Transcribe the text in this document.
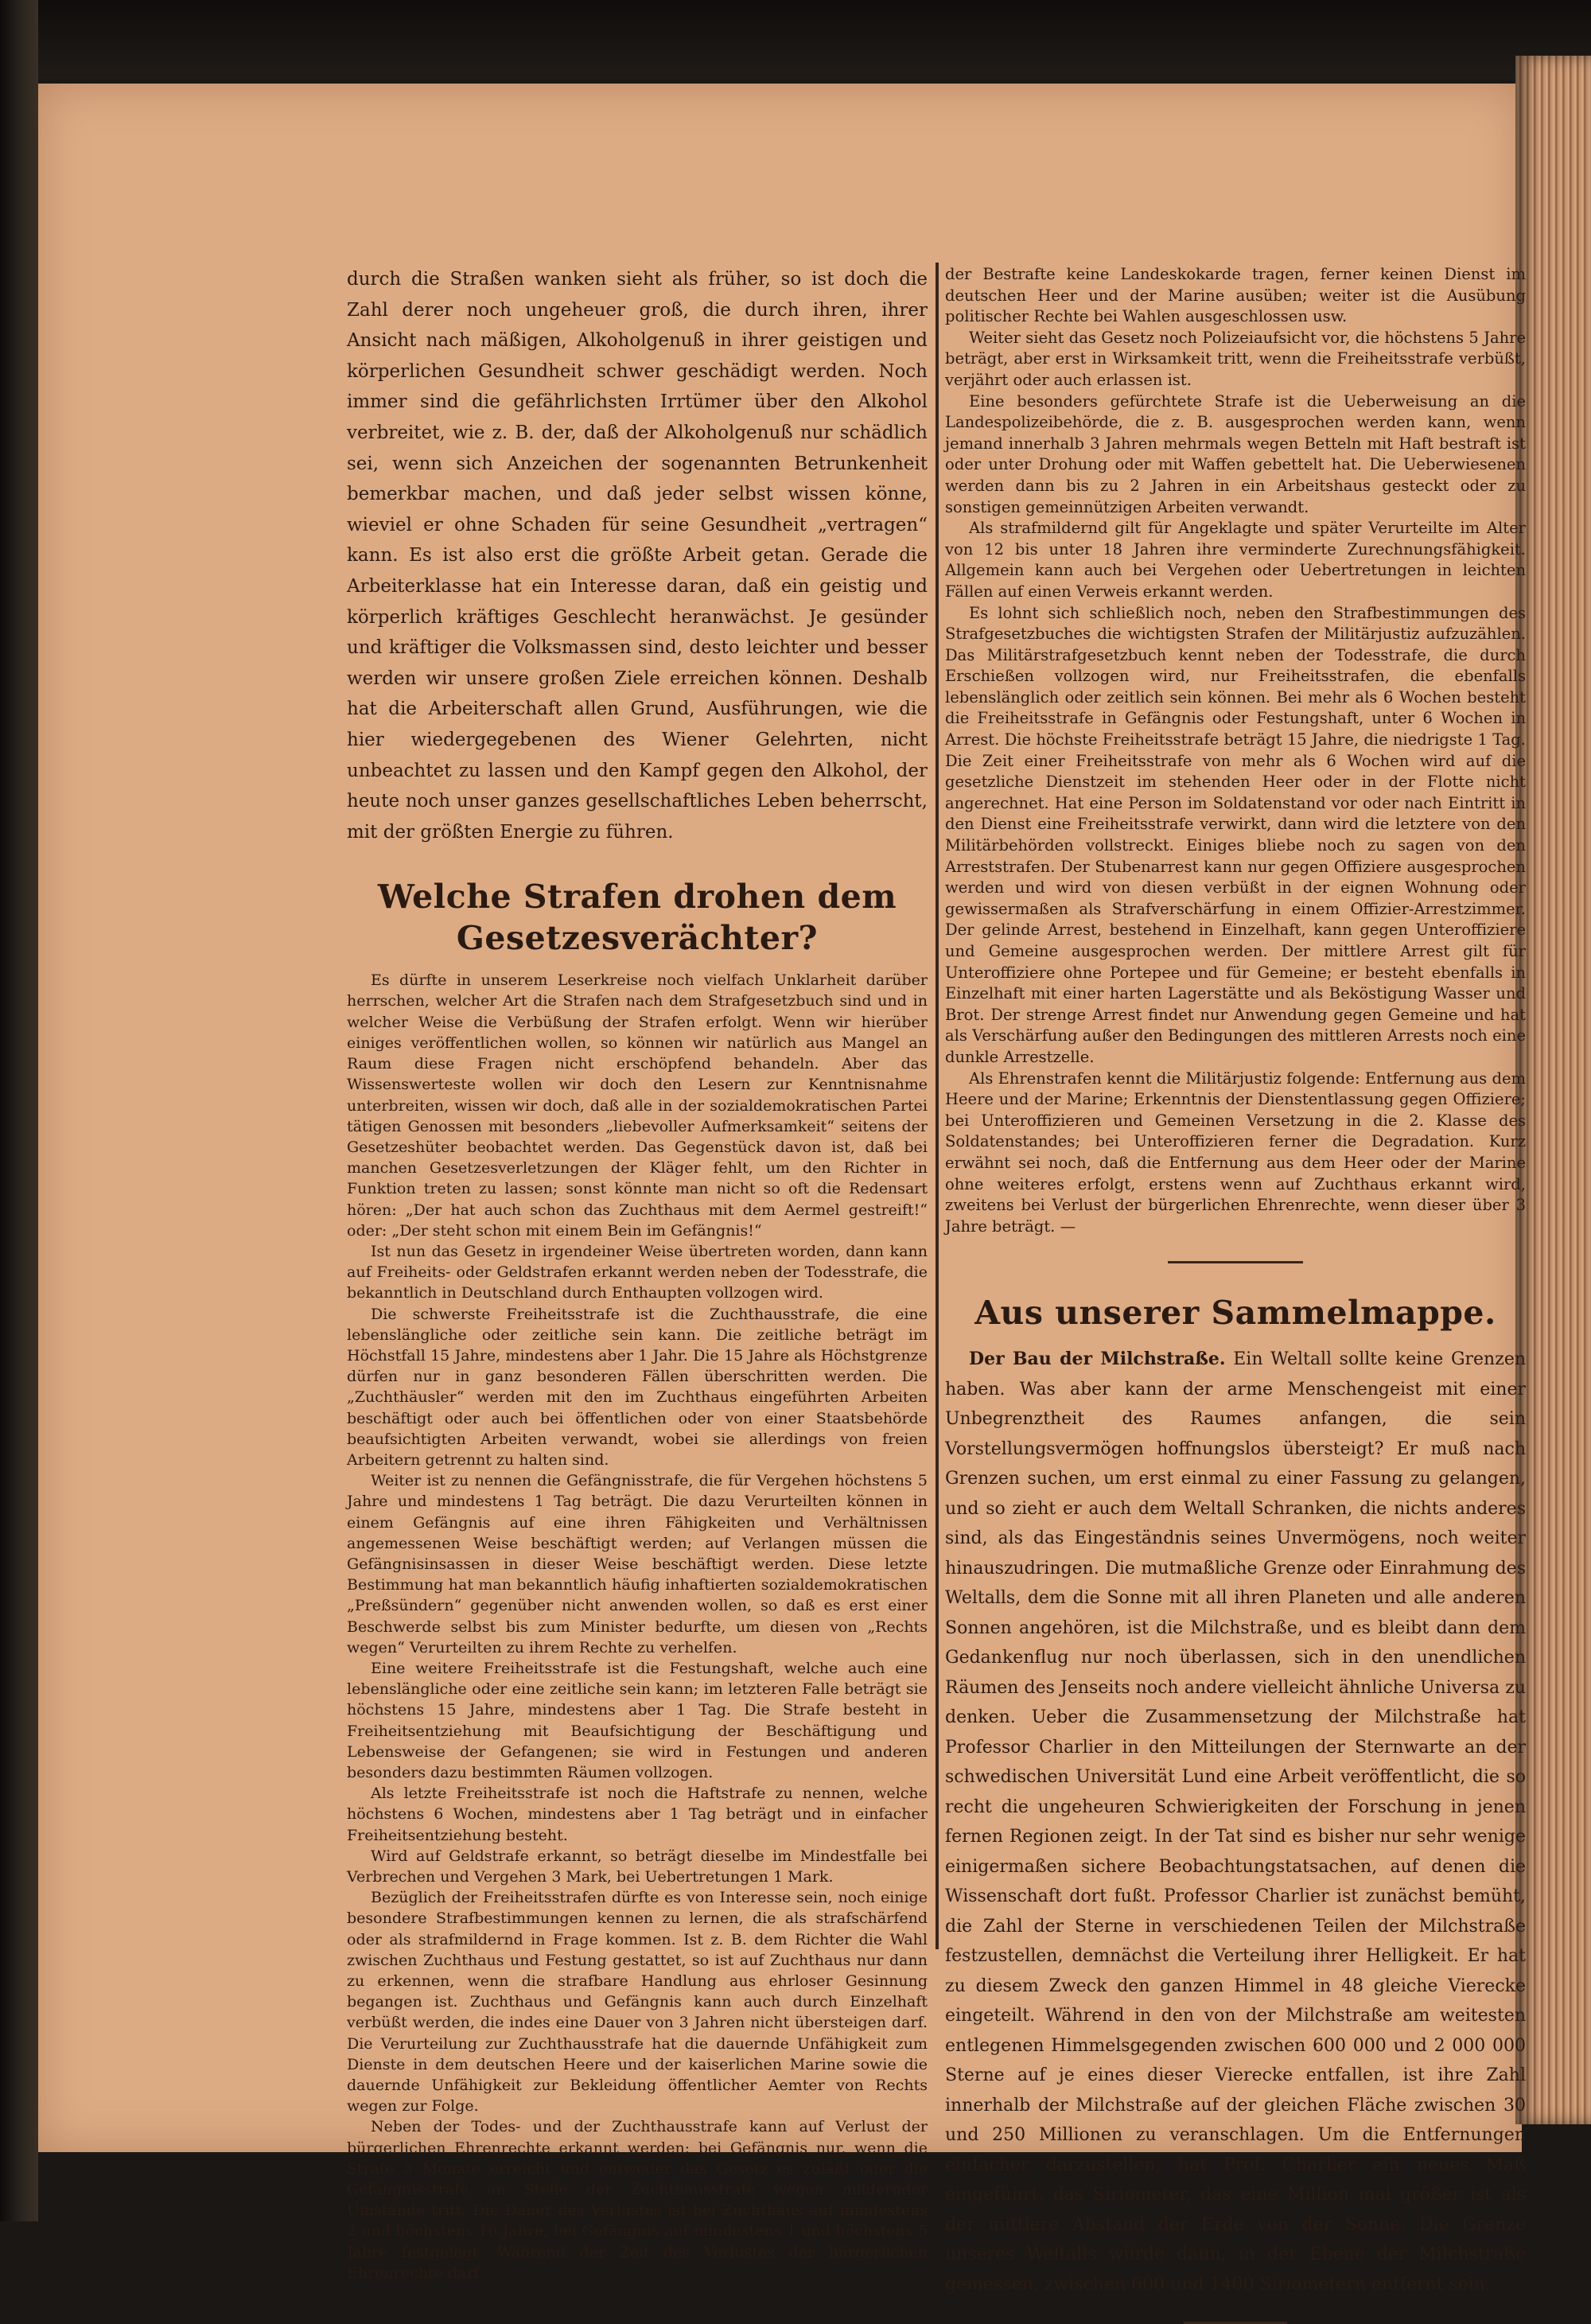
durch die Straßen wanken sieht als früher, so ist doch die Zahl derer noch ungeheuer groß, die durch ihren, ihrer Ansicht nach mäßigen, Alkoholgenuß in ihrer geistigen und körperlichen Gesundheit schwer geschädigt werden. Noch immer sind die gefährlichsten Irrtümer über den Alkohol verbreitet, wie z. B. der, daß der Alkoholgenuß nur schädlich sei, wenn sich Anzeichen der sogenannten Betrunkenheit bemerkbar machen, und daß jeder selbst wissen könne, wieviel er ohne Schaden für seine Gesundheit „vertragen“ kann. Es ist also erst die größte Arbeit getan. Gerade die Arbeiterklasse hat ein Interesse daran, daß ein geistig und körperlich kräftiges Geschlecht heranwächst. Je gesünder und kräftiger die Volksmassen sind, desto leichter und besser werden wir unsere großen Ziele erreichen können. Deshalb hat die Arbeiterschaft allen Grund, Ausführungen, wie die hier wiedergegebenen des Wiener Gelehrten, nicht unbeachtet zu lassen und den Kampf gegen den Alkohol, der heute noch unser ganzes gesellschaftliches Leben beherrscht, mit der größten Energie zu führen.

Welche Strafen drohen dem Gesetzesverächter?

Es dürfte in unserem Leserkreise noch vielfach Unklarheit darüber herrschen, welcher Art die Strafen nach dem Strafgesetzbuch sind und in welcher Weise die Verbüßung der Strafen erfolgt. Wenn wir hierüber einiges veröffentlichen wollen, so können wir natürlich aus Mangel an Raum diese Fragen nicht erschöpfend behandeln. Aber das Wissenswerteste wollen wir doch den Lesern zur Kenntnisnahme unterbreiten, wissen wir doch, daß alle in der sozialdemokratischen Partei tätigen Genossen mit besonders „liebevoller Aufmerksamkeit“ seitens der Gesetzeshüter beobachtet werden. Das Gegenstück davon ist, daß bei manchen Gesetzesverletzungen der Kläger fehlt, um den Richter in Funktion treten zu lassen; sonst könnte man nicht so oft die Redensart hören: „Der hat auch schon das Zuchthaus mit dem Aermel gestreift!“ oder: „Der steht schon mit einem Bein im Gefängnis!“

Ist nun das Gesetz in irgendeiner Weise übertreten worden, dann kann auf Freiheits- oder Geldstrafen erkannt werden neben der Todesstrafe, die bekanntlich in Deutschland durch Enthaupten vollzogen wird.

Die schwerste Freiheitsstrafe ist die Zuchthausstrafe, die eine lebenslängliche oder zeitliche sein kann. Die zeitliche beträgt im Höchstfall 15 Jahre, mindestens aber 1 Jahr. Die 15 Jahre als Höchstgrenze dürfen nur in ganz besonderen Fällen überschritten werden. Die „Zuchthäusler“ werden mit den im Zuchthaus eingeführten Arbeiten beschäftigt oder auch bei öffentlichen oder von einer Staatsbehörde beaufsichtigten Arbeiten verwandt, wobei sie allerdings von freien Arbeitern getrennt zu halten sind.

Weiter ist zu nennen die Gefängnisstrafe, die für Vergehen höchstens 5 Jahre und mindestens 1 Tag beträgt. Die dazu Verurteilten können in einem Gefängnis auf eine ihren Fähigkeiten und Verhältnissen angemessenen Weise beschäftigt werden; auf Verlangen müssen die Gefängnisinsassen in dieser Weise beschäftigt werden. Diese letzte Bestimmung hat man bekanntlich häufig inhaftierten sozialdemokratischen „Preßsündern“ gegenüber nicht anwenden wollen, so daß es erst einer Beschwerde selbst bis zum Minister bedurfte, um diesen von „Rechts wegen“ Verurteilten zu ihrem Rechte zu verhelfen.

Eine weitere Freiheitsstrafe ist die Festungshaft, welche auch eine lebenslängliche oder eine zeitliche sein kann; im letzteren Falle beträgt sie höchstens 15 Jahre, mindestens aber 1 Tag. Die Strafe besteht in Freiheitsentziehung mit Beaufsichtigung der Beschäftigung und Lebensweise der Gefangenen; sie wird in Festungen und anderen besonders dazu bestimmten Räumen vollzogen.

Als letzte Freiheitsstrafe ist noch die Haftstrafe zu nennen, welche höchstens 6 Wochen, mindestens aber 1 Tag beträgt und in einfacher Freiheitsentziehung besteht.

Wird auf Geldstrafe erkannt, so beträgt dieselbe im Mindestfalle bei Verbrechen und Vergehen 3 Mark, bei Uebertretungen 1 Mark.

Bezüglich der Freiheitsstrafen dürfte es von Interesse sein, noch einige besondere Strafbestimmungen kennen zu lernen, die als strafschärfend oder als strafmildernd in Frage kommen. Ist z. B. dem Richter die Wahl zwischen Zuchthaus und Festung gestattet, so ist auf Zuchthaus nur dann zu erkennen, wenn die strafbare Handlung aus ehrloser Gesinnung begangen ist. Zuchthaus und Gefängnis kann auch durch Einzelhaft verbüßt werden, die indes eine Dauer von 3 Jahren nicht übersteigen darf. Die Verurteilung zur Zuchthausstrafe hat die dauernde Unfähigkeit zum Dienste in dem deutschen Heere und der kaiserlichen Marine sowie die dauernde Unfähigkeit zur Bekleidung öffentlicher Aemter von Rechts wegen zur Folge.

Neben der Todes- und der Zuchthausstrafe kann auf Verlust der bürgerlichen Ehrenrechte erkannt werden; bei Gefängnis nur, wenn die Strafe 3 Monate erreicht und entweder das Gesetz es zuläßt oder die Gefängnisstrafe an Stelle der Zuchthausstrafe wegen mildernder Umstände tritt. Die Dauer des Verlustes ist bei Zuchthaus auf mindestens 2 und höchstens 10 Jahre, bei Gefängnis auf mindestens 1 und höchstens 5 Jahre festgelegt. Während der Zeit des Verlustes der bürgerlichen Ehrenrechte darf

der Bestrafte keine Landeskokarde tragen, ferner keinen Dienst im deutschen Heer und der Marine ausüben; weiter ist die Ausübung politischer Rechte bei Wahlen ausgeschlossen usw.

Weiter sieht das Gesetz noch Polizeiaufsicht vor, die höchstens 5 Jahre beträgt, aber erst in Wirksamkeit tritt, wenn die Freiheitsstrafe verbüßt, verjährt oder auch erlassen ist.

Eine besonders gefürchtete Strafe ist die Ueberweisung an die Landespolizeibehörde, die z. B. ausgesprochen werden kann, wenn jemand innerhalb 3 Jahren mehrmals wegen Betteln mit Haft bestraft ist oder unter Drohung oder mit Waffen gebettelt hat. Die Ueberwiesenen werden dann bis zu 2 Jahren in ein Arbeitshaus gesteckt oder zu sonstigen gemeinnützigen Arbeiten verwandt.

Als strafmildernd gilt für Angeklagte und später Verurteilte im Alter von 12 bis unter 18 Jahren ihre verminderte Zurechnungsfähigkeit. Allgemein kann auch bei Vergehen oder Uebertretungen in leichten Fällen auf einen Verweis erkannt werden.

Es lohnt sich schließlich noch, neben den Strafbestimmungen des Strafgesetzbuches die wichtigsten Strafen der Militärjustiz aufzuzählen. Das Militärstrafgesetzbuch kennt neben der Todesstrafe, die durch Erschießen vollzogen wird, nur Freiheitsstrafen, die ebenfalls lebenslänglich oder zeitlich sein können. Bei mehr als 6 Wochen besteht die Freiheitsstrafe in Gefängnis oder Festungshaft, unter 6 Wochen in Arrest. Die höchste Freiheitsstrafe beträgt 15 Jahre, die niedrigste 1 Tag. Die Zeit einer Freiheitsstrafe von mehr als 6 Wochen wird auf die gesetzliche Dienstzeit im stehenden Heer oder in der Flotte nicht angerechnet. Hat eine Person im Soldatenstand vor oder nach Eintritt in den Dienst eine Freiheitsstrafe verwirkt, dann wird die letztere von den Militärbehörden vollstreckt. Einiges bliebe noch zu sagen von den Arreststrafen. Der Stubenarrest kann nur gegen Offiziere ausgesprochen werden und wird von diesen verbüßt in der eignen Wohnung oder gewissermaßen als Strafverschärfung in einem Offizier-Arrestzimmer. Der gelinde Arrest, bestehend in Einzelhaft, kann gegen Unteroffiziere und Gemeine ausgesprochen werden. Der mittlere Arrest gilt für Unteroffiziere ohne Portepee und für Gemeine; er besteht ebenfalls in Einzelhaft mit einer harten Lagerstätte und als Beköstigung Wasser und Brot. Der strenge Arrest findet nur Anwendung gegen Gemeine und hat als Verschärfung außer den Bedingungen des mittleren Arrests noch eine dunkle Arrestzelle.

Als Ehrenstrafen kennt die Militärjustiz folgende: Entfernung aus dem Heere und der Marine; Erkenntnis der Dienstentlassung gegen Offiziere; bei Unteroffizieren und Gemeinen Versetzung in die 2. Klasse des Soldatenstandes; bei Unteroffizieren ferner die Degradation. Kurz erwähnt sei noch, daß die Entfernung aus dem Heer oder der Marine ohne weiteres erfolgt, erstens wenn auf Zuchthaus erkannt wird, zweitens bei Verlust der bürgerlichen Ehrenrechte, wenn dieser über 3 Jahre beträgt. —

Aus unserer Sammelmappe.

Der Bau der Milchstraße. Ein Weltall sollte keine Grenzen haben. Was aber kann der arme Menschengeist mit einer Unbegrenztheit des Raumes anfangen, die sein Vorstellungsvermögen hoffnungslos übersteigt? Er muß nach Grenzen suchen, um erst einmal zu einer Fassung zu gelangen, und so zieht er auch dem Weltall Schranken, die nichts anderes sind, als das Eingeständnis seines Unvermögens, noch weiter hinauszudringen. Die mutmaßliche Grenze oder Einrahmung des Weltalls, dem die Sonne mit all ihren Planeten und alle anderen Sonnen angehören, ist die Milchstraße, und es bleibt dann dem Gedankenflug nur noch überlassen, sich in den unendlichen Räumen des Jenseits noch andere vielleicht ähnliche Universa zu denken. Ueber die Zusammensetzung der Milchstraße hat Professor Charlier in den Mitteilungen der Sternwarte an der schwedischen Universität Lund eine Arbeit veröffentlicht, die so recht die ungeheuren Schwierigkeiten der Forschung in jenen fernen Regionen zeigt. In der Tat sind es bisher nur sehr wenige einigermaßen sichere Beobachtungstatsachen, auf denen die Wissenschaft dort fußt. Professor Charlier ist zunächst bemüht, die Zahl der Sterne in verschiedenen Teilen der Milchstraße festzustellen, demnächst die Verteilung ihrer Helligkeit. Er hat zu diesem Zweck den ganzen Himmel in 48 gleiche Vierecke eingeteilt. Während in den von der Milchstraße am weitesten entlegenen Himmelsgegenden zwischen 600 000 und 2 000 000 Sterne auf je eines dieser Vierecke entfallen, ist ihre Zahl innerhalb der Milchstraße auf der gleichen Fläche zwischen 30 und 250 Millionen zu veranschlagen. Um die Entfernungen einfacher darzustellen, hat Prof. Charlier ein neues Maß eingeführt, das Siriometer, das eine Million mal größer ist als der mittlere Abstand der Erde von der Sonne. Die Grenze unseres Weltalls würde dann, in der Ebene der Milchstraße gemessen, zwischen 600 und 1400 Siriometern entfernt sein.
